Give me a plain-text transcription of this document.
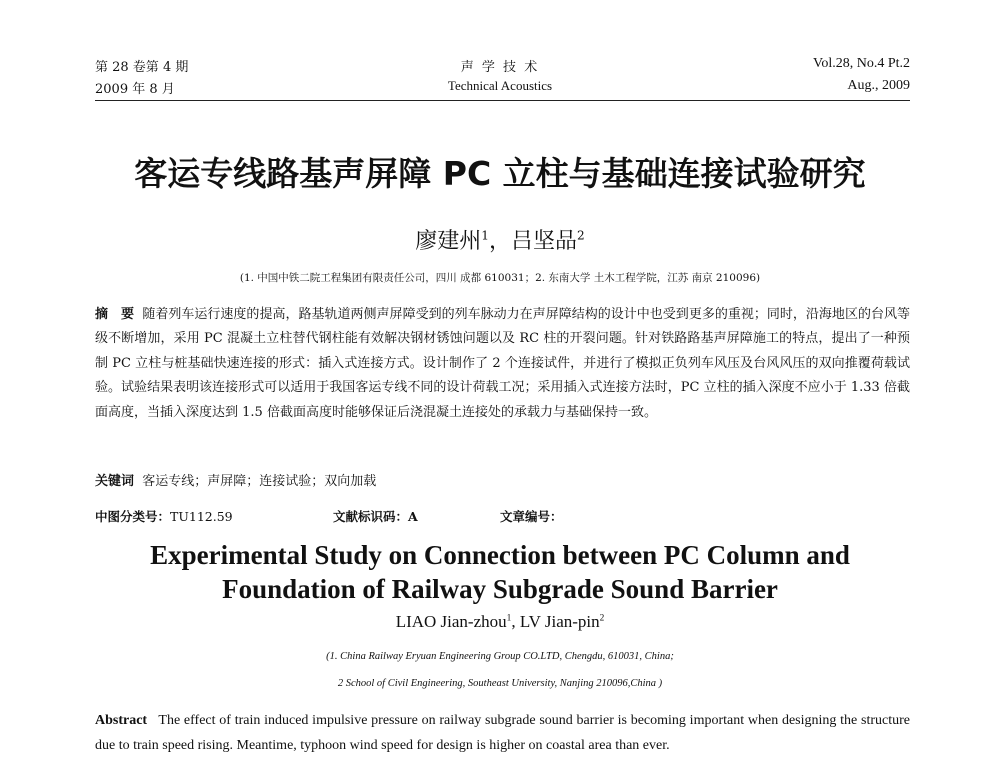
第 28 卷第 4 期
2009 年 8 月
声 学 技 术
Technical Acoustics
Vol.28, No.4 Pt.2
Aug., 2009
客运专线路基声屏障 PC 立柱与基础连接试验研究
廖建州$^1$，吕坚品$^2$
(1. 中国中铁二院工程集团有限责任公司，四川 成都 610031；2. 东南大学 土木工程学院，江苏 南京 210096)
摘　要 随着列车运行速度的提高，路基轨道两侧声屏障受到的列车脉动力在声屏障结构的设计中也受到更多的重视；同时，沿海地区的台风等级不断增加，采用 PC 混凝土立柱替代钢柱能有效解决钢材锈蚀问题以及 RC 柱的开裂问题。针对铁路路基声屏障施工的特点，提出了一种预制 PC 立柱与桩基础快速连接的形式：插入式连接方式。设计制作了 2 个连接试件，并进行了模拟正负列车风压及台风风压的双向推覆荷载试验。试验结果表明该连接形式可以适用于我国客运专线不同的设计荷载工况；采用插入式连接方法时，PC 立柱的插入深度不应小于 1.33 倍截面高度，当插入深度达到 1.5 倍截面高度时能够保证后浇混凝土连接处的承载力与基础保持一致。
关键词 客运专线；声屏障；连接试验；双向加载
中图分类号：TU112.59	文献标识码：A	文章编号：
Experimental Study on Connection between PC Column and
Foundation of Railway Subgrade Sound Barrier
LIAO Jian-zhou$^1$, LV Jian-pin$^2$
(1. China Railway Eryuan Engineering Group CO.LTD, Chengdu, 610031, China;
2 School of Civil Engineering, Southeast University, Nanjing 210096,China )
Abstract The effect of train induced impulsive pressure on railway subgrade sound barrier is becoming important when designing the structure due to train speed rising. Meantime, typhoon wind speed for design is higher on coastal area than ever.
